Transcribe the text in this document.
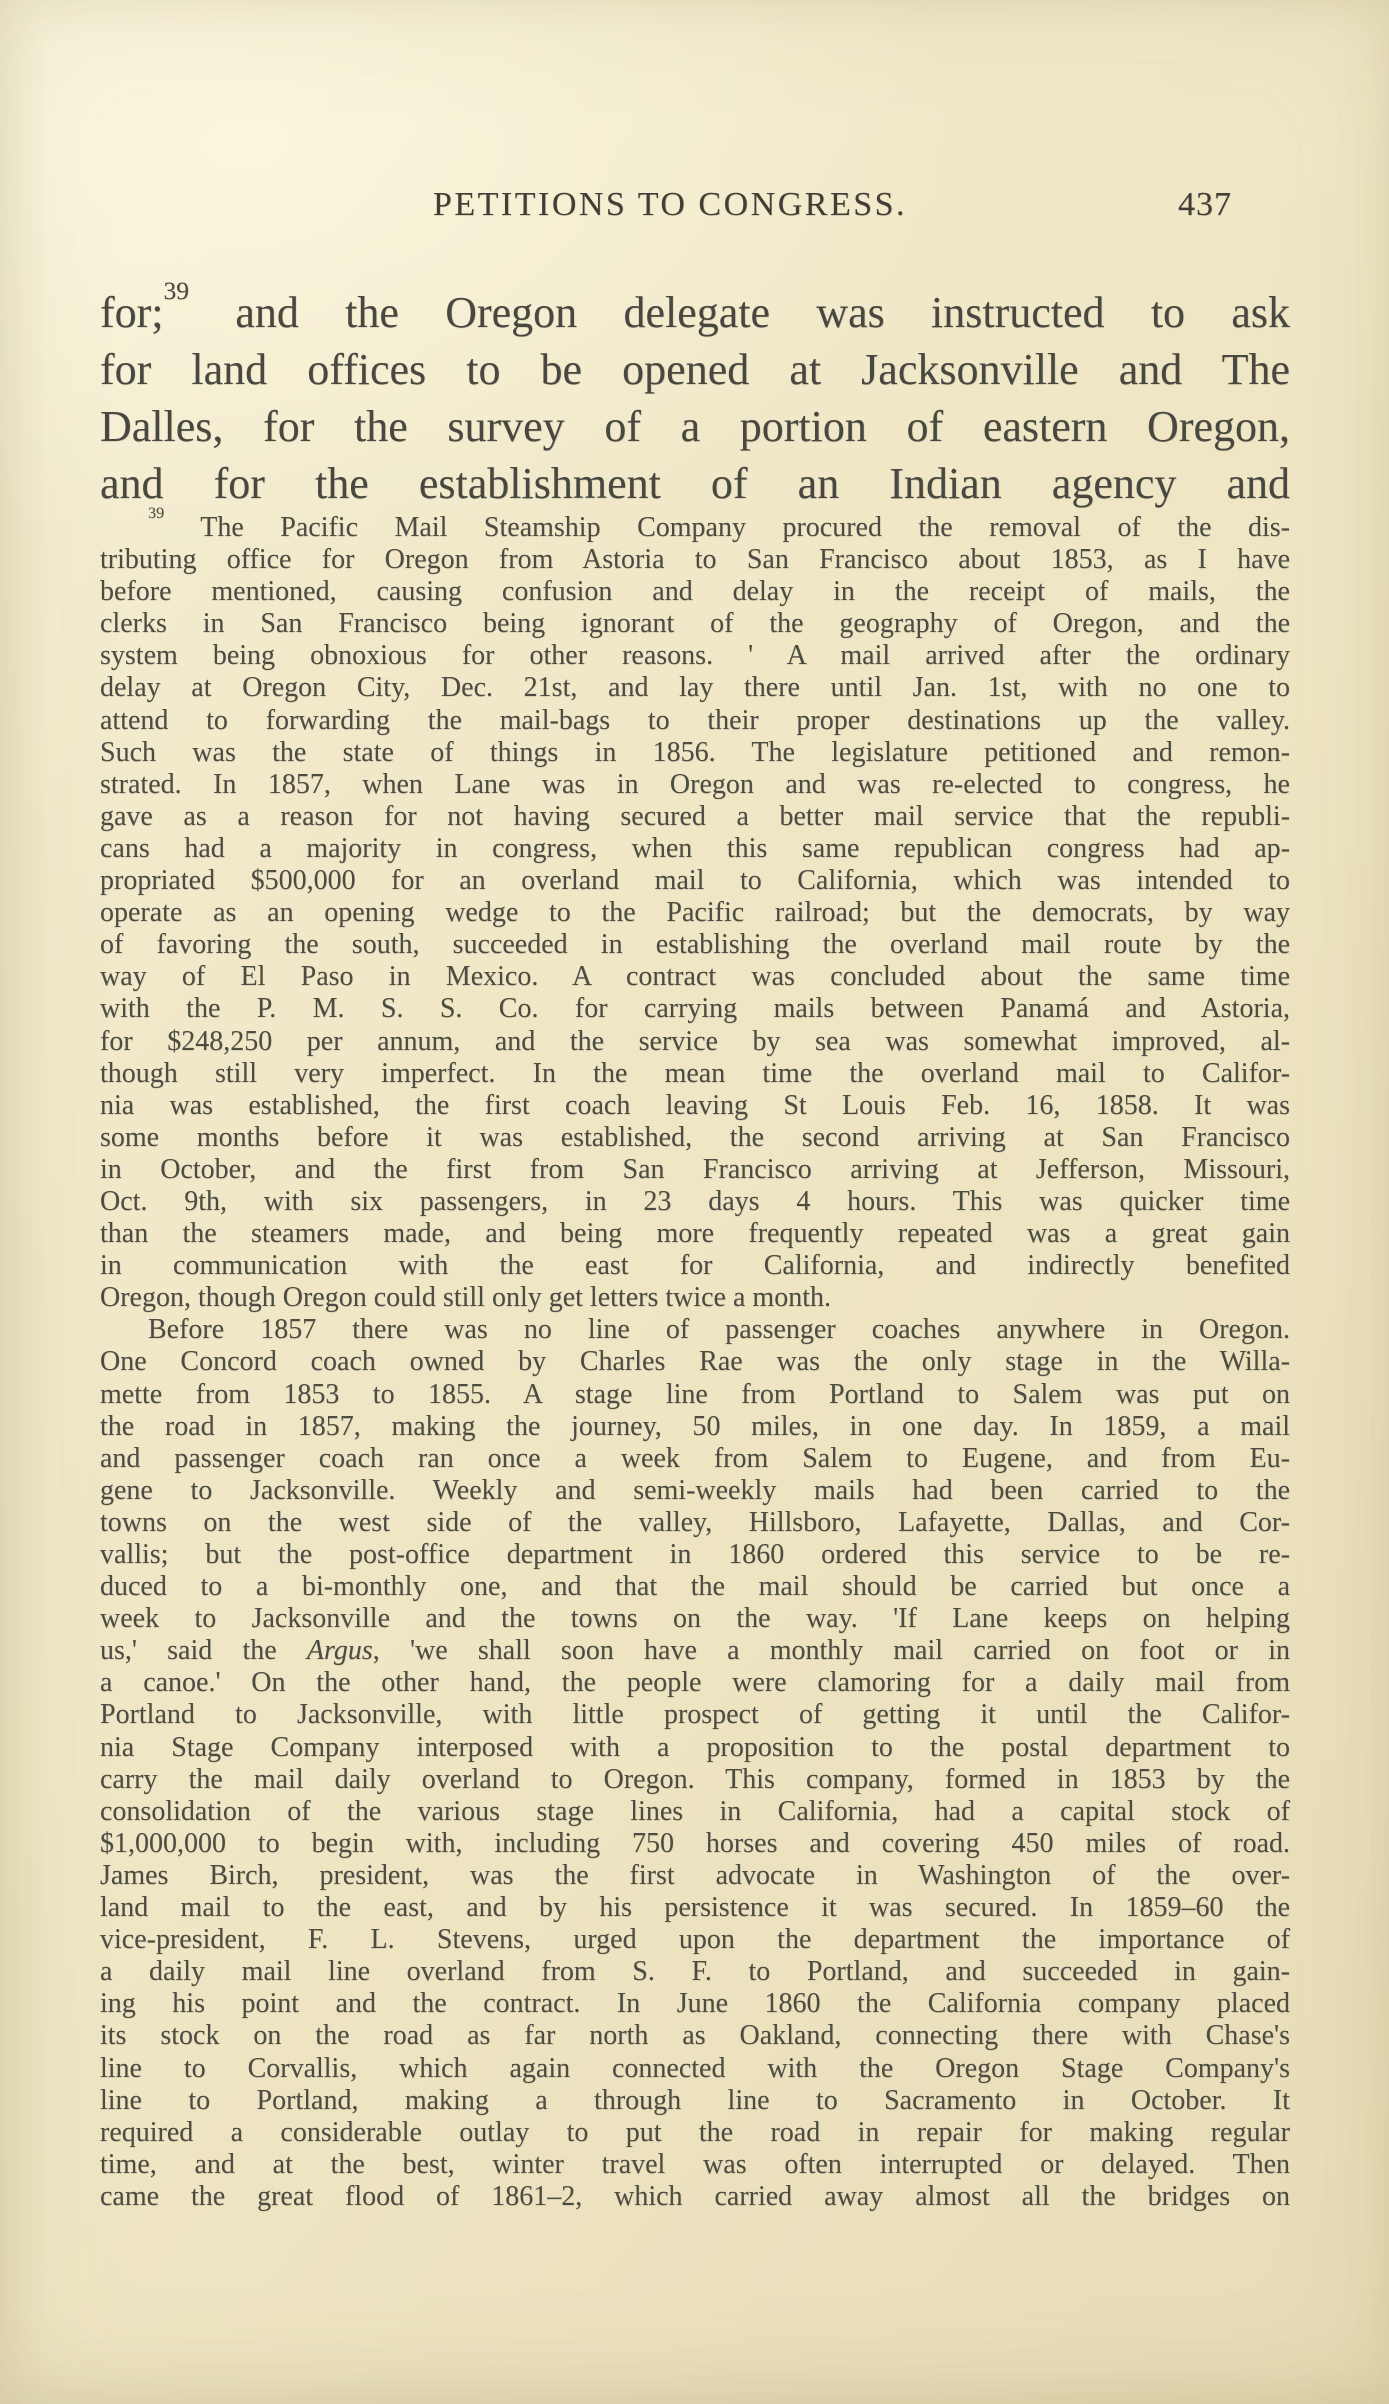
PETITIONS TO CONGRESS.	437
for;$^{39}$ and the Oregon delegate was instructed to ask
for land offices to be opened at Jacksonville and The
Dalles, for the survey of a portion of eastern Oregon,
and for the establishment of an Indian agency and
$^{39}$ The Pacific Mail Steamship Company procured the removal of the dis-
tributing office for Oregon from Astoria to San Francisco about 1853, as I have
before mentioned, causing confusion and delay in the receipt of mails, the
clerks in San Francisco being ignorant of the geography of Oregon, and the
system being obnoxious for other reasons. ' A mail arrived after the ordinary
delay at Oregon City, Dec. 21st, and lay there until Jan. 1st, with no one to
attend to forwarding the mail-bags to their proper destinations up the valley.
Such was the state of things in 1856. The legislature petitioned and remon-
strated. In 1857, when Lane was in Oregon and was re-elected to congress, he
gave as a reason for not having secured a better mail service that the republi-
cans had a majority in congress, when this same republican congress had ap-
propriated $500,000 for an overland mail to California, which was intended to
operate as an opening wedge to the Pacific railroad; but the democrats, by way
of favoring the south, succeeded in establishing the overland mail route by the
way of El Paso in Mexico. A contract was concluded about the same time
with the P. M. S. S. Co. for carrying mails between Panamá and Astoria,
for $248,250 per annum, and the service by sea was somewhat improved, al-
though still very imperfect. In the mean time the overland mail to Califor-
nia was established, the first coach leaving St Louis Feb. 16, 1858. It was
some months before it was established, the second arriving at San Francisco
in October, and the first from San Francisco arriving at Jefferson, Missouri,
Oct. 9th, with six passengers, in 23 days 4 hours. This was quicker time
than the steamers made, and being more frequently repeated was a great gain
in communication with the east for California, and indirectly benefited
Oregon, though Oregon could still only get letters twice a month.
Before 1857 there was no line of passenger coaches anywhere in Oregon.
One Concord coach owned by Charles Rae was the only stage in the Willa-
mette from 1853 to 1855. A stage line from Portland to Salem was put on
the road in 1857, making the journey, 50 miles, in one day. In 1859, a mail
and passenger coach ran once a week from Salem to Eugene, and from Eu-
gene to Jacksonville. Weekly and semi-weekly mails had been carried to the
towns on the west side of the valley, Hillsboro, Lafayette, Dallas, and Cor-
vallis; but the post-office department in 1860 ordered this service to be re-
duced to a bi-monthly one, and that the mail should be carried but once a
week to Jacksonville and the towns on the way. 'If Lane keeps on helping
us,' said the Argus, 'we shall soon have a monthly mail carried on foot or in
a canoe.' On the other hand, the people were clamoring for a daily mail from
Portland to Jacksonville, with little prospect of getting it until the Califor-
nia Stage Company interposed with a proposition to the postal department to
carry the mail daily overland to Oregon. This company, formed in 1853 by the
consolidation of the various stage lines in California, had a capital stock of
$1,000,000 to begin with, including 750 horses and covering 450 miles of road.
James Birch, president, was the first advocate in Washington of the over-
land mail to the east, and by his persistence it was secured. In 1859–60 the
vice-president, F. L. Stevens, urged upon the department the importance of
a daily mail line overland from S. F. to Portland, and succeeded in gain-
ing his point and the contract. In June 1860 the California company placed
its stock on the road as far north as Oakland, connecting there with Chase's
line to Corvallis, which again connected with the Oregon Stage Company's
line to Portland, making a through line to Sacramento in October. It
required a considerable outlay to put the road in repair for making regular
time, and at the best, winter travel was often interrupted or delayed. Then
came the great flood of 1861–2, which carried away almost all the bridges on
